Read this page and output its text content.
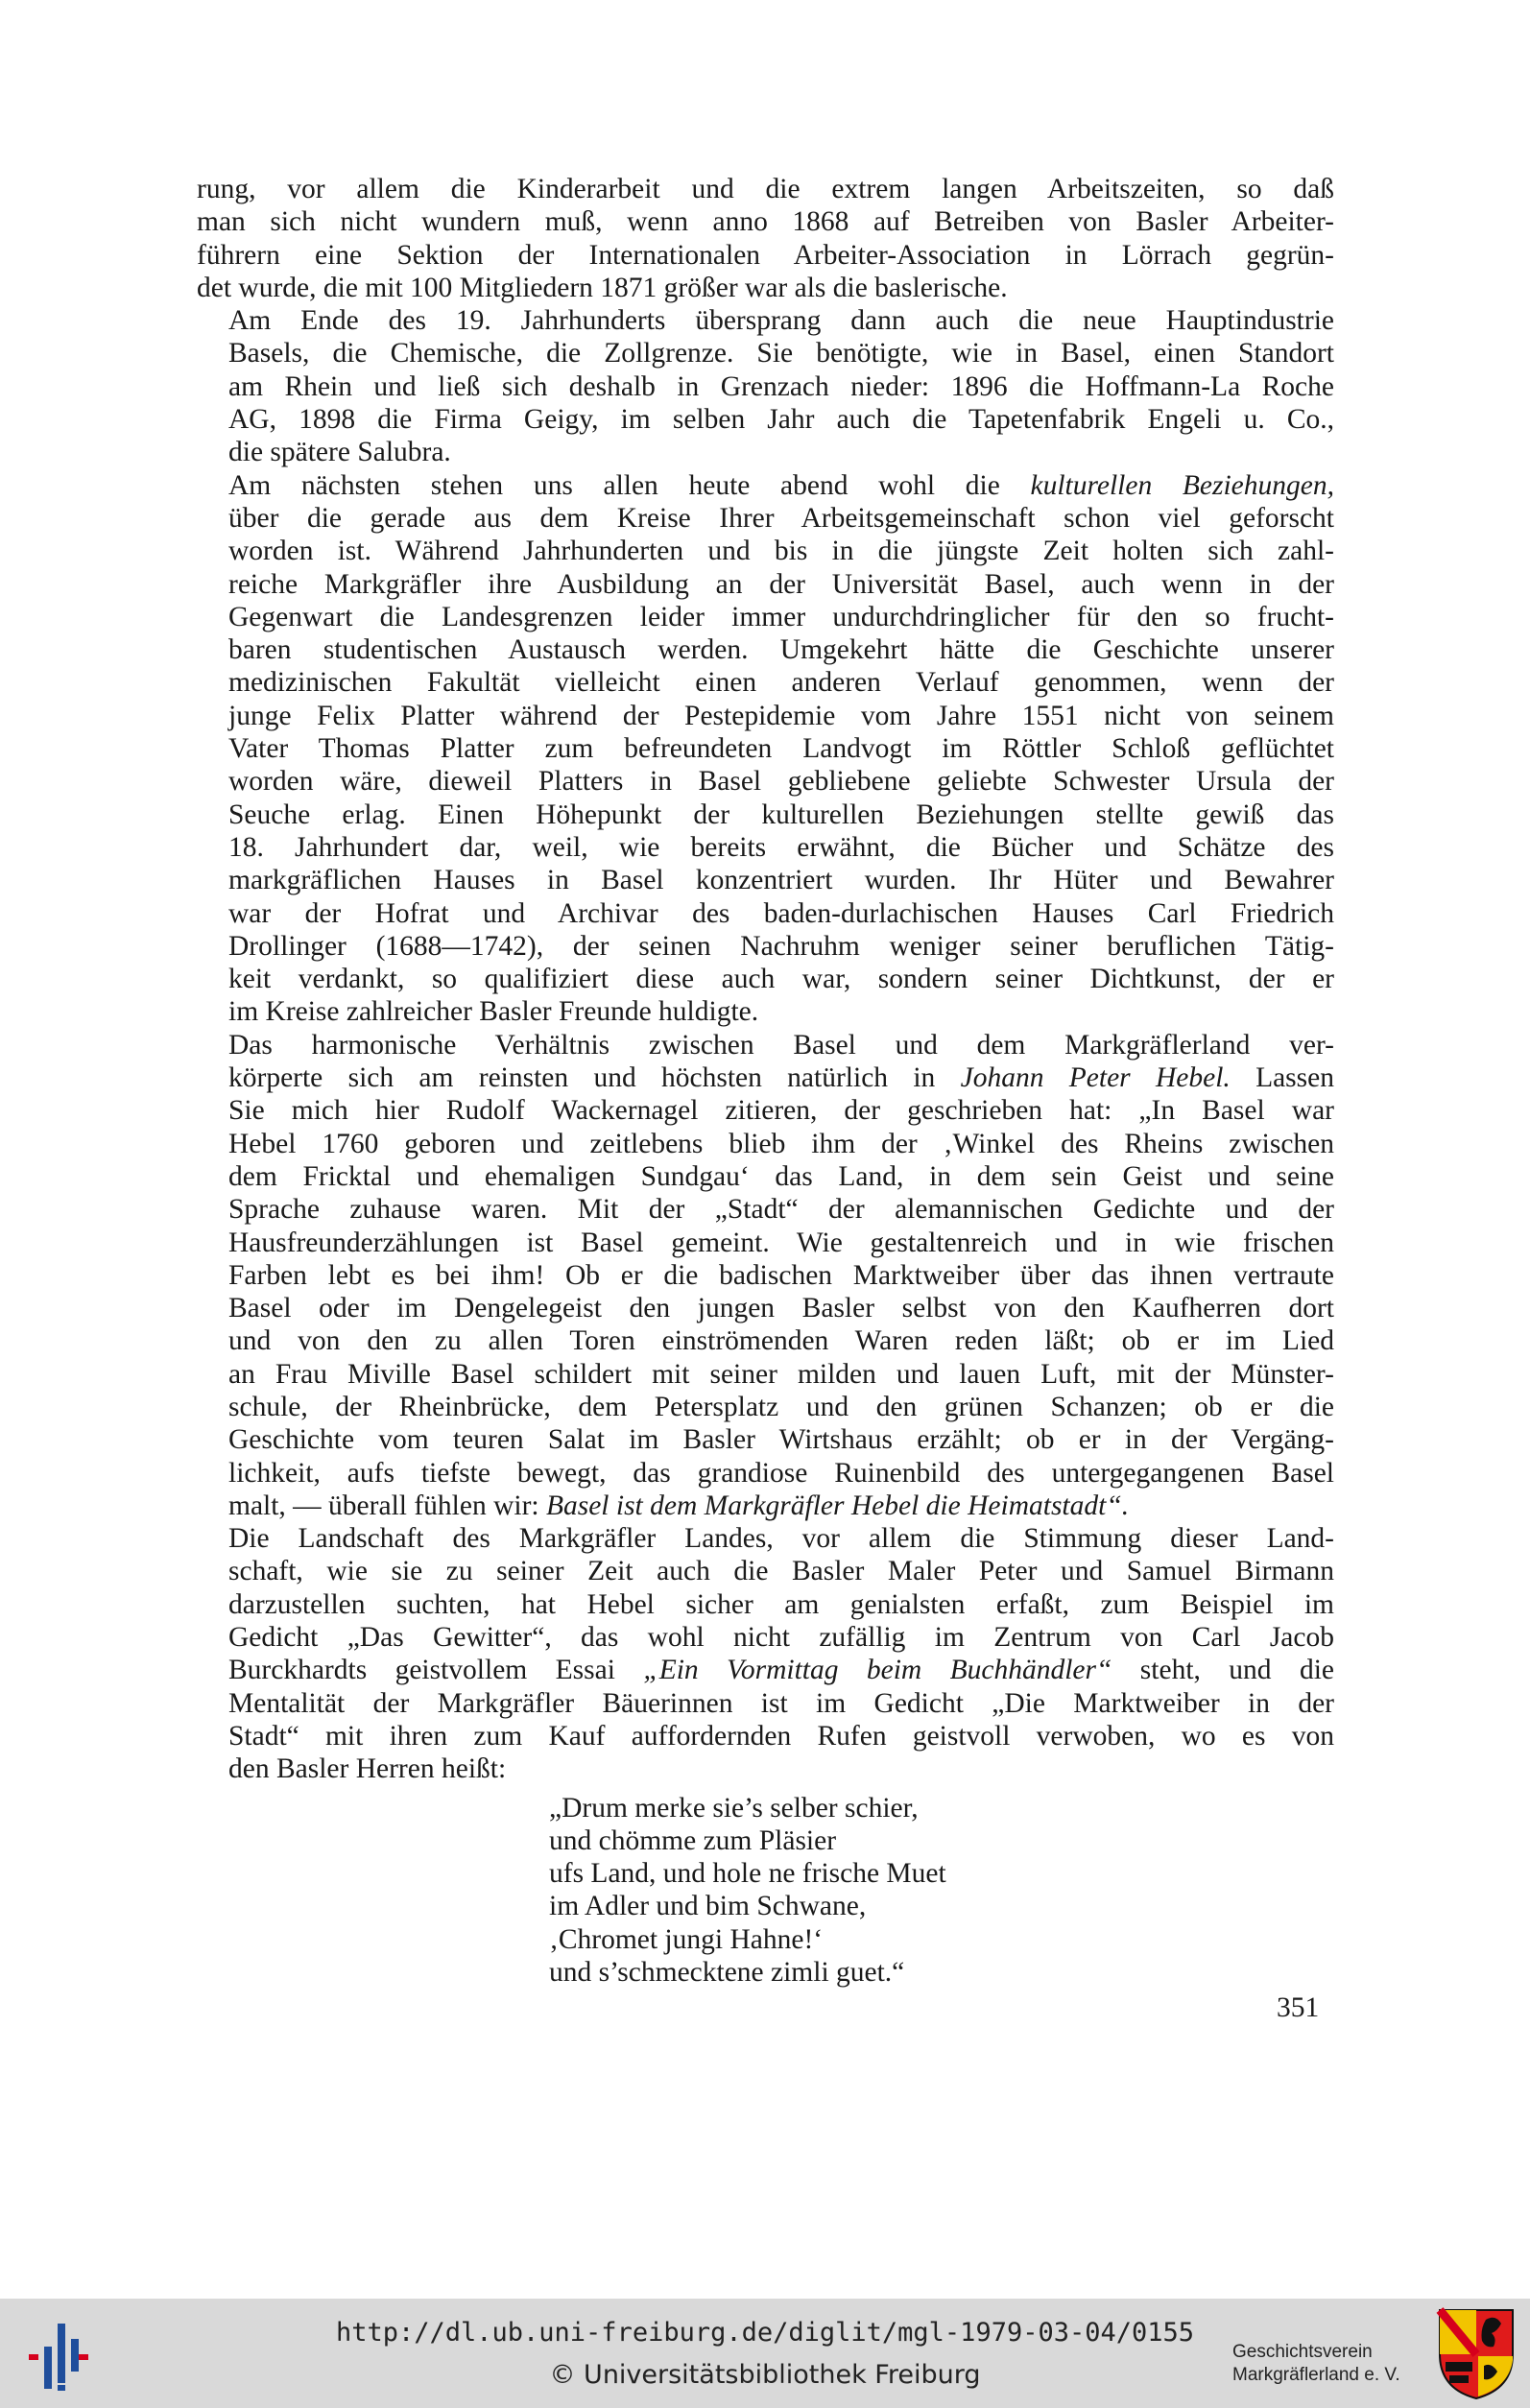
rung, vor allem die Kinderarbeit und die extrem langen Arbeitszeiten, so daß
man sich nicht wundern muß, wenn anno 1868 auf Betreiben von Basler Arbeiter-
führern eine Sektion der Internationalen Arbeiter-Association in Lörrach gegrün-
det wurde, die mit 100 Mitgliedern 1871 größer war als die baslerische.

Am Ende des 19. Jahrhunderts übersprang dann auch die neue Hauptindustrie
Basels, die Chemische, die Zollgrenze. Sie benötigte, wie in Basel, einen Standort
am Rhein und ließ sich deshalb in Grenzach nieder: 1896 die Hoffmann-La Roche
AG, 1898 die Firma Geigy, im selben Jahr auch die Tapetenfabrik Engeli u. Co.,
die spätere Salubra.

Am nächsten stehen uns allen heute abend wohl die kulturellen Beziehungen,
über die gerade aus dem Kreise Ihrer Arbeitsgemeinschaft schon viel geforscht
worden ist. Während Jahrhunderten und bis in die jüngste Zeit holten sich zahl-
reiche Markgräfler ihre Ausbildung an der Universität Basel, auch wenn in der
Gegenwart die Landesgrenzen leider immer undurchdringlicher für den so frucht-
baren studentischen Austausch werden. Umgekehrt hätte die Geschichte unserer
medizinischen Fakultät vielleicht einen anderen Verlauf genommen, wenn der
junge Felix Platter während der Pestepidemie vom Jahre 1551 nicht von seinem
Vater Thomas Platter zum befreundeten Landvogt im Röttler Schloß geflüchtet
worden wäre, dieweil Platters in Basel gebliebene geliebte Schwester Ursula der
Seuche erlag. Einen Höhepunkt der kulturellen Beziehungen stellte gewiß das
18. Jahrhundert dar, weil, wie bereits erwähnt, die Bücher und Schätze des
markgräflichen Hauses in Basel konzentriert wurden. Ihr Hüter und Bewahrer
war der Hofrat und Archivar des baden-durlachischen Hauses Carl Friedrich
Drollinger (1688—1742), der seinen Nachruhm weniger seiner beruflichen Tätig-
keit verdankt, so qualifiziert diese auch war, sondern seiner Dichtkunst, der er
im Kreise zahlreicher Basler Freunde huldigte.

Das harmonische Verhältnis zwischen Basel und dem Markgräflerland ver-
körperte sich am reinsten und höchsten natürlich in Johann Peter Hebel. Lassen
Sie mich hier Rudolf Wackernagel zitieren, der geschrieben hat: „In Basel war
Hebel 1760 geboren und zeitlebens blieb ihm der ‚Winkel des Rheins zwischen
dem Fricktal und ehemaligen Sundgau‘ das Land, in dem sein Geist und seine
Sprache zuhause waren. Mit der „Stadt“ der alemannischen Gedichte und der
Hausfreunderzählungen ist Basel gemeint. Wie gestaltenreich und in wie frischen
Farben lebt es bei ihm! Ob er die badischen Marktweiber über das ihnen vertraute
Basel oder im Dengelegeist den jungen Basler selbst von den Kaufherren dort
und von den zu allen Toren einströmenden Waren reden läßt; ob er im Lied
an Frau Miville Basel schildert mit seiner milden und lauen Luft, mit der Münster-
schule, der Rheinbrücke, dem Petersplatz und den grünen Schanzen; ob er die
Geschichte vom teuren Salat im Basler Wirtshaus erzählt; ob er in der Vergäng-
lichkeit, aufs tiefste bewegt, das grandiose Ruinenbild des untergegangenen Basel
malt, — überall fühlen wir: Basel ist dem Markgräfler Hebel die Heimatstadt“.

Die Landschaft des Markgräfler Landes, vor allem die Stimmung dieser Land-
schaft, wie sie zu seiner Zeit auch die Basler Maler Peter und Samuel Birmann
darzustellen suchten, hat Hebel sicher am genialsten erfaßt, zum Beispiel im
Gedicht „Das Gewitter“, das wohl nicht zufällig im Zentrum von Carl Jacob
Burckhardts geistvollem Essai „Ein Vormittag beim Buchhändler“ steht, und die
Mentalität der Markgräfler Bäuerinnen ist im Gedicht „Die Marktweiber in der
Stadt“ mit ihren zum Kauf auffordernden Rufen geistvoll verwoben, wo es von
den Basler Herren heißt:

„Drum merke sie’s selber schier,
und chömme zum Pläsier
ufs Land, und hole ne frische Muet
im Adler und bim Schwane,
‚Chromet jungi Hahne!‘
und s’schmecktene zimli guet.“
351
http://dl.ub.uni-freiburg.de/diglit/mgl-1979-03-04/0155
© Universitätsbibliothek Freiburg
Geschichtsverein
Markgräflerland e. V.
